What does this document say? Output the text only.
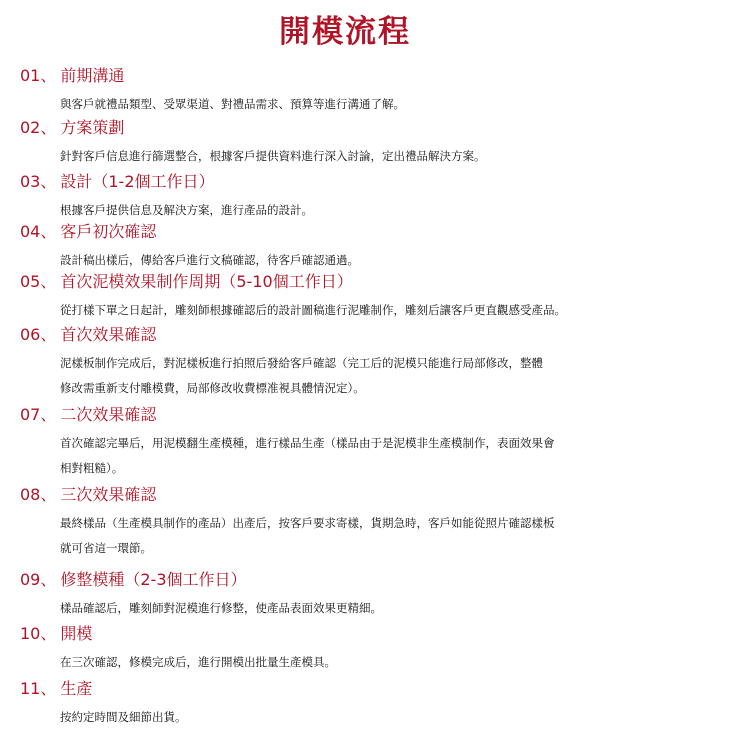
開模流程
01、 前期溝通

與客戶就禮品類型、受眾渠道、對禮品需求、預算等進行溝通了解。

02、 方案策劃

針對客戶信息進行篩選整合，根據客戶提供資料進行深入討論，定出禮品解決方案。

03、 設計（1-2個工作日）

根據客戶提供信息及解決方案，進行產品的設計。

04、 客戶初次確認

設計稿出樣后，傳給客戶進行文稿確認，待客戶確認通過。

05、 首次泥模效果制作周期（5-10個工作日）

從打樣下單之日起計，雕刻師根據確認后的設計圖稿進行泥雕制作，雕刻后讓客戶更直觀感受產品。

06、 首次效果確認

泥樣板制作完成后，對泥樣板進行拍照后發給客戶確認（完工后的泥模只能進行局部修改，整體

修改需重新支付雕模費，局部修改收費標准視具體情況定）。

07、 二次效果確認

首次確認完畢后，用泥模翻生產模種，進行樣品生產（樣品由于是泥模非生產模制作，表面效果會

相對粗糙）。

08、 三次效果確認

最終樣品（生產模具制作的產品）出產后，按客戶要求寄樣，貨期急時，客戶如能從照片確認樣板

就可省這一環節。

09、 修整模種（2-3個工作日）

樣品確認后，雕刻師對泥模進行修整，使產品表面效果更精細。

10、 開模

在三次確認，修模完成后，進行開模出批量生產模具。

11、 生產

按約定時間及細節出貨。
